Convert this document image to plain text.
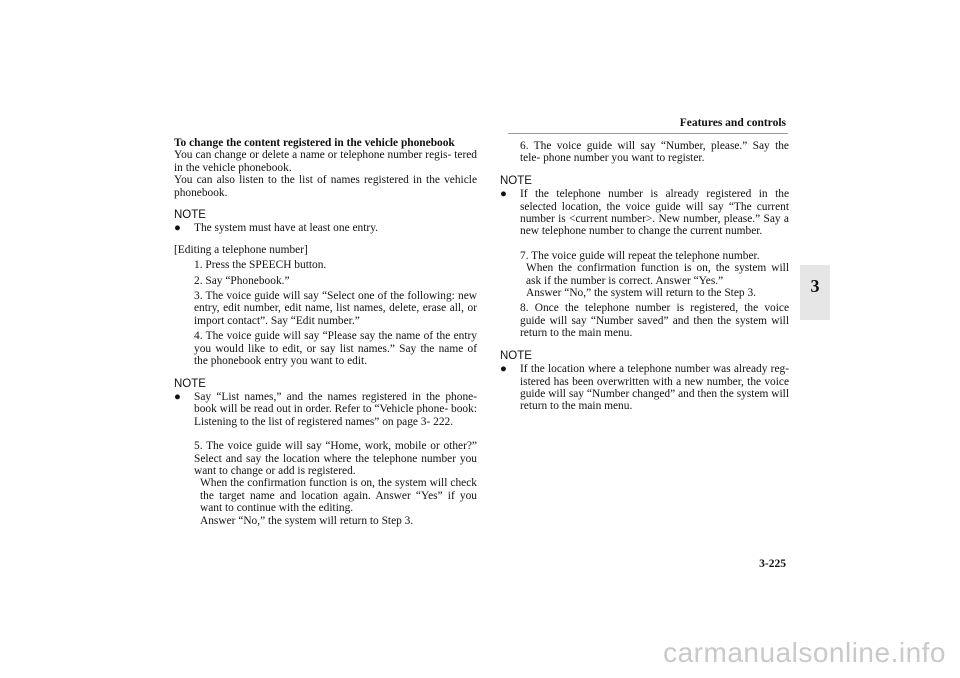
Features and controls
3

To change the content registered in the vehicle phonebook

You can change or delete a name or telephone number regis- tered in the vehicle phonebook.

You can also listen to the list of names registered in the vehicle phonebook.

NOTE
● The system must have at least one entry.

[Editing a telephone number]

1. Press the SPEECH button.
2. Say “Phonebook.”
3. The voice guide will say “Select one of the following: new entry, edit number, edit name, list names, delete, erase all, or import contact”. Say “Edit number.”
4. The voice guide will say “Please say the name of the entry you would like to edit, or say list names.” Say the name of the phonebook entry you want to edit.
NOTE
● Say “List names,” and the names registered in the phone- book will be read out in order. Refer to “Vehicle phone- book: Listening to the list of registered names” on page 3- 222.

5. The voice guide will say “Home, work, mobile or other?” Select and say the location where the telephone number you want to change or add is registered.

When the confirmation function is on, the system will check the target name and location again. Answer “Yes” if you want to continue with the editing.

Answer “No,” the system will return to Step 3.

6. The voice guide will say “Number, please.” Say the tele- phone number you want to register.
NOTE
● If the telephone number is already registered in the selected location, the voice guide will say “The current number is <current number>. New number, please.” Say a new telephone number to change the current number.

7. The voice guide will repeat the telephone number.

When the confirmation function is on, the system will ask if the number is correct. Answer “Yes.”

Answer “No,” the system will return to the Step 3.

8. Once the telephone number is registered, the voice guide will say “Number saved” and then the system will return to the main menu.
NOTE
● If the location where a telephone number was already reg- istered has been overwritten with a new number, the voice guide will say “Number changed” and then the system will return to the main menu.
3-225
carmanualsonline.info
